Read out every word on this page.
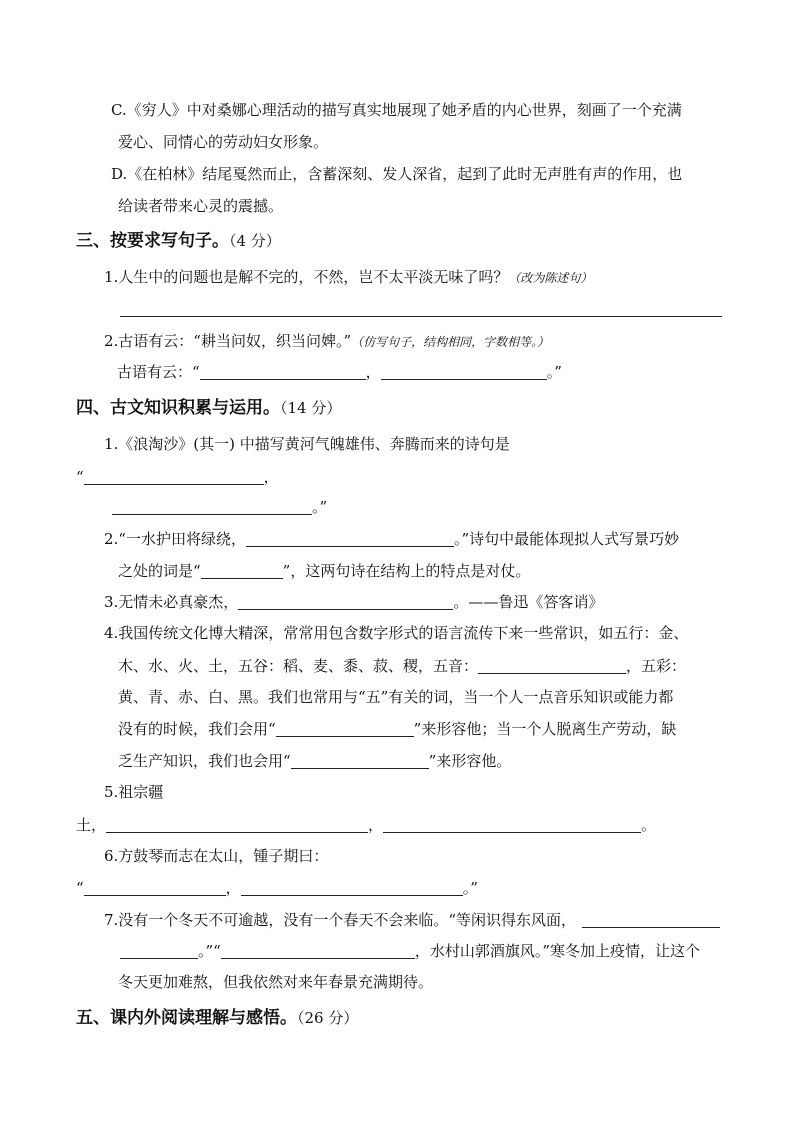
C.《穷人》中对桑娜心理活动的描写真实地展现了她矛盾的内心世界，刻画了一个充满
爱心、同情心的劳动妇女形象。
D.《在柏林》结尾戛然而止，含蓄深刻、发人深省，起到了此时无声胜有声的作用，也
给读者带来心灵的震撼。
三、按要求写句子。（4 分）
1.人生中的问题也是解不完的，不然，岂不太平淡无味了吗？（改为陈述句）
2.古语有云：“耕当问奴，织当问婢。”（仿写句子，结构相同，字数相等。）
古语有云：“	，	。”
四、古文知识积累与运用。（14 分）
1.《浪淘沙》(其一) 中描写黄河气魄雄伟、奔腾而来的诗句是
“	，
。”
2.“一水护田将绿绕，	。”诗句中最能体现拟人式写景巧妙
之处的词是“	”，这两句诗在结构上的特点是对仗。
3.无情未必真豪杰，	。——鲁迅《答客诮》
4.我国传统文化博大精深，常常用包含数字形式的语言流传下来一些常识，如五行：金、
木、水、火、土，五谷：稻、麦、黍、菽、稷，五音：	，五彩：
黄、青、赤、白、黑。我们也常用与“五”有关的词，当一个人一点音乐知识或能力都
没有的时候，我们会用“	”来形容他；当一个人脱离生产劳动，缺
乏生产知识，我们也会用“	”来形容他。
5.祖宗疆
土，	，	。
6.方鼓琴而志在太山，锺子期曰：
“	，	。”
7.没有一个冬天不可逾越，没有一个春天不会来临。“等闲识得东风面，
。”“	，水村山郭酒旗风。”寒冬加上疫情，让这个
冬天更加难熬，但我依然对来年春景充满期待。
五、课内外阅读理解与感悟。（26 分）
